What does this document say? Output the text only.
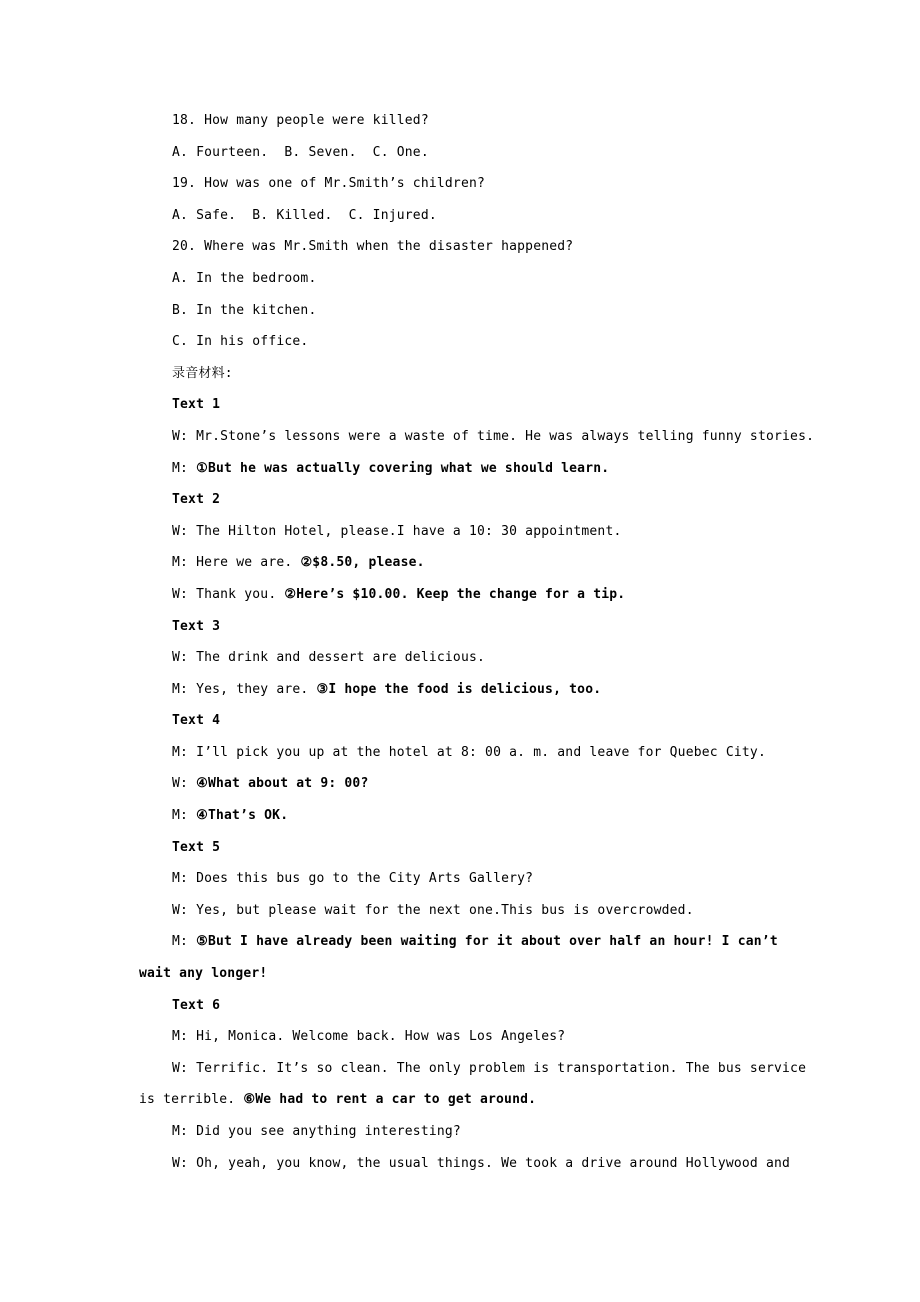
18. How many people were killed?
A. Fourteen.  B. Seven.  C. One.
19. How was one of Mr.Smith’s children?
A. Safe.  B. Killed.  C. Injured.
20. Where was Mr.Smith when the disaster happened?
A. In the bedroom.
B. In the kitchen.
C. In his office.
录音材料:
Text 1
W: Mr.Stone’s lessons were a waste of time. He was always telling funny stories.
M: ①But he was actually covering what we should learn.
Text 2
W: The Hilton Hotel, please.I have a 10: 30 appointment.
M: Here we are. ②$8.50, please.
W: Thank you. ②Here’s $10.00. Keep the change for a tip.
Text 3
W: The drink and dessert are delicious.
M: Yes, they are. ③I hope the food is delicious, too.
Text 4
M: I’ll pick you up at the hotel at 8: 00 a. m. and leave for Quebec City.
W: ④What about at 9: 00?
M: ④That’s OK.
Text 5
M: Does this bus go to the City Arts Gallery?
W: Yes, but please wait for the next one.This bus is overcrowded.
M: ⑤But I have already been waiting for it about over half an hour! I can’t
wait any longer!
Text 6
M: Hi, Monica. Welcome back. How was Los Angeles?
W: Terrific. It’s so clean. The only problem is transportation. The bus service
is terrible. ⑥We had to rent a car to get around.
M: Did you see anything interesting?
W: Oh, yeah, you know, the usual things. We took a drive around Hollywood and
